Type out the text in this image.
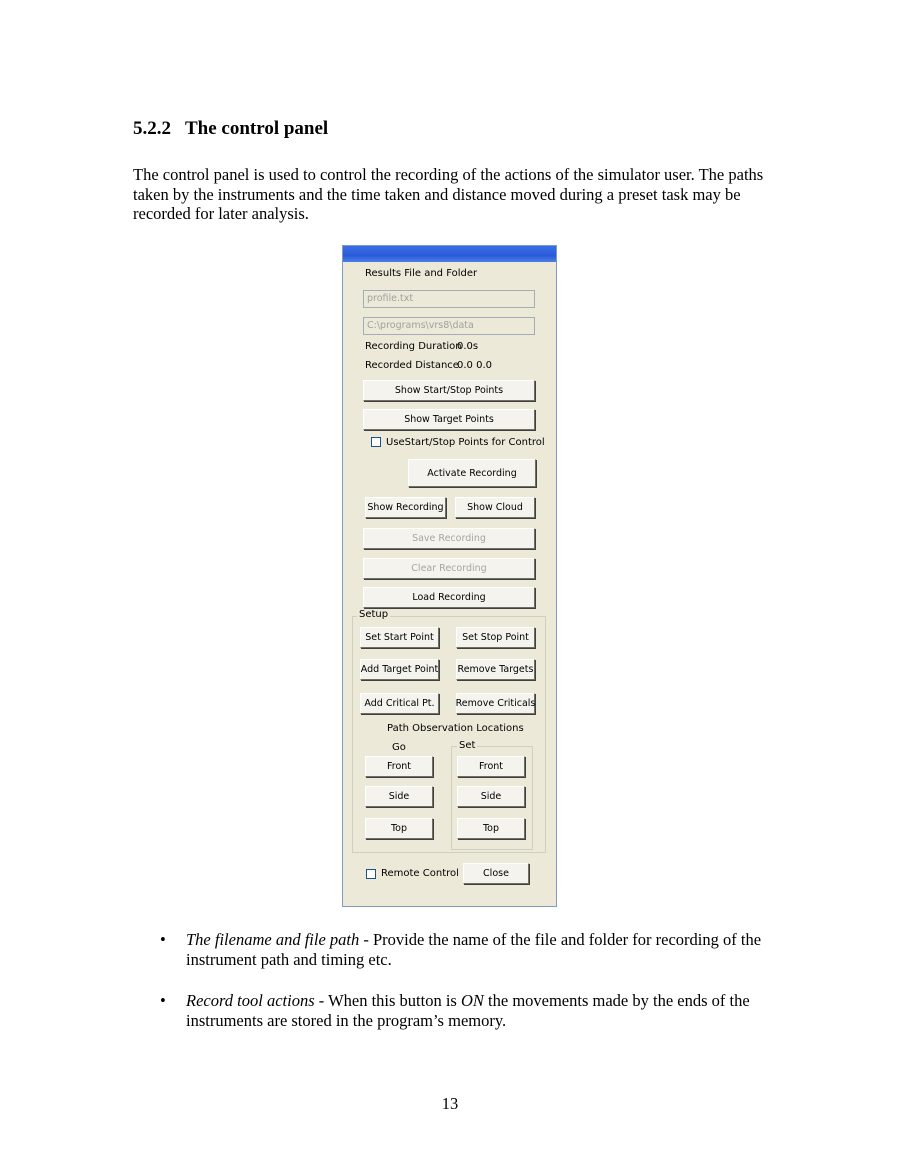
5.2.2 The control panel

The control panel is used to control the recording of the actions of the simulator user. The paths taken by the instruments and the time taken and distance moved during a preset task may be recorded for later analysis.

Results File and Folder
profile.txt
C:\programs\vrs8\data
Recording Duration
0.0s
Recorded Distance
0.0 0.0
Show Start/Stop Points
Show Target Points
UseStart/Stop Points for Control
Activate Recording
Show Recording	Show Cloud
Save Recording
Clear Recording
Load Recording
Setup
Set Start Point	Set Stop Point
Add Target Point Remove Targets
Add Critical Pt.	Remove Criticals
Path Observation Locations
Go	Set
Front
Side
Top
Front
Side
Top
Remote Control	Close
• The filename and file path - Provide the name of the file and folder for recording of the instrument path and timing etc.
• Record tool actions - When this button is ON the movements made by the ends of the instruments are stored in the program’s memory.
13
